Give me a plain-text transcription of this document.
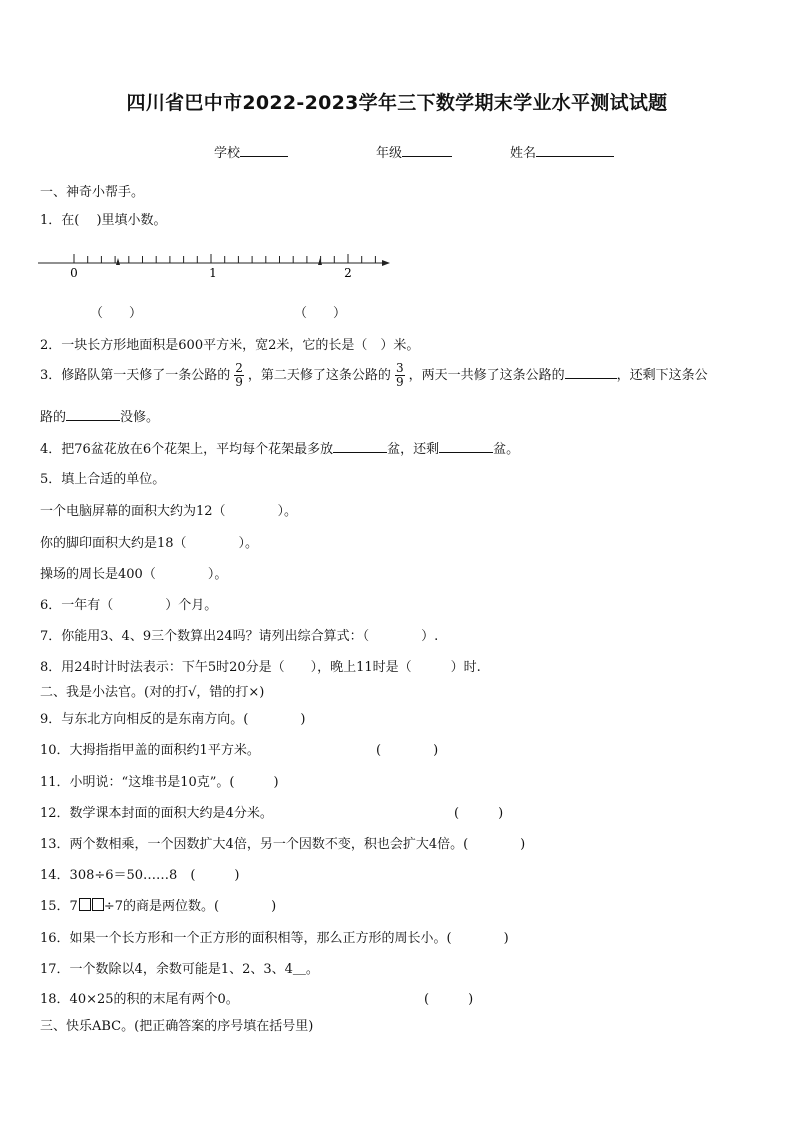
四川省巴中市2022-2023学年三下数学期末学业水平测试试题
学校	年级	姓名
一、神奇小帮手。
1．在(　 )里填小数。
0	1	2
（　　）	（　　）
2．一块长方形地面积是600平方米，宽2米，它的长是（　）米。
3．修路队第一天修了一条公路的 $\frac{2}{9}$ ，第二天修了这条公路的 $\frac{3}{9}$ ，两天一共修了这条公路的	，还剩下这条公
路的	没修。
4．把76盆花放在6个花架上，平均每个花架最多放	盆，还剩	盆。
5．填上合适的单位。
一个电脑屏幕的面积大约为12（　　　　）。
你的脚印面积大约是18（　　　　）。
操场的周长是400（　　　　）。
6．一年有（　　　　）个月。
7．你能用3、4、9三个数算出24吗？请列出综合算式：（　　　　）.
8．用24时计时法表示：下午5时20分是（　　），晚上11时是（　　　）时.
二、我是小法官。(对的打√，错的打×)
9．与东北方向相反的是东南方向。(　　　　)
10．大拇指指甲盖的面积约1平方米。	(　　　　)
11．小明说：“这堆书是10克”。(　　　)
12．数学课本封面的面积大约是4分米。	(　　　)
13．两个数相乘，一个因数扩大4倍，另一个因数不变，积也会扩大4倍。(　　　　)
14．308÷6＝50……8　(　　　)
15．7 ÷7的商是两位数。(　　　　)
16．如果一个长方形和一个正方形的面积相等，那么正方形的周长小。(　　　　)
17．一个数除以4，余数可能是1、2、3、4＿。
18．40×25的积的末尾有两个0。	(　　　)
三、快乐ABC。(把正确答案的序号填在括号里)
